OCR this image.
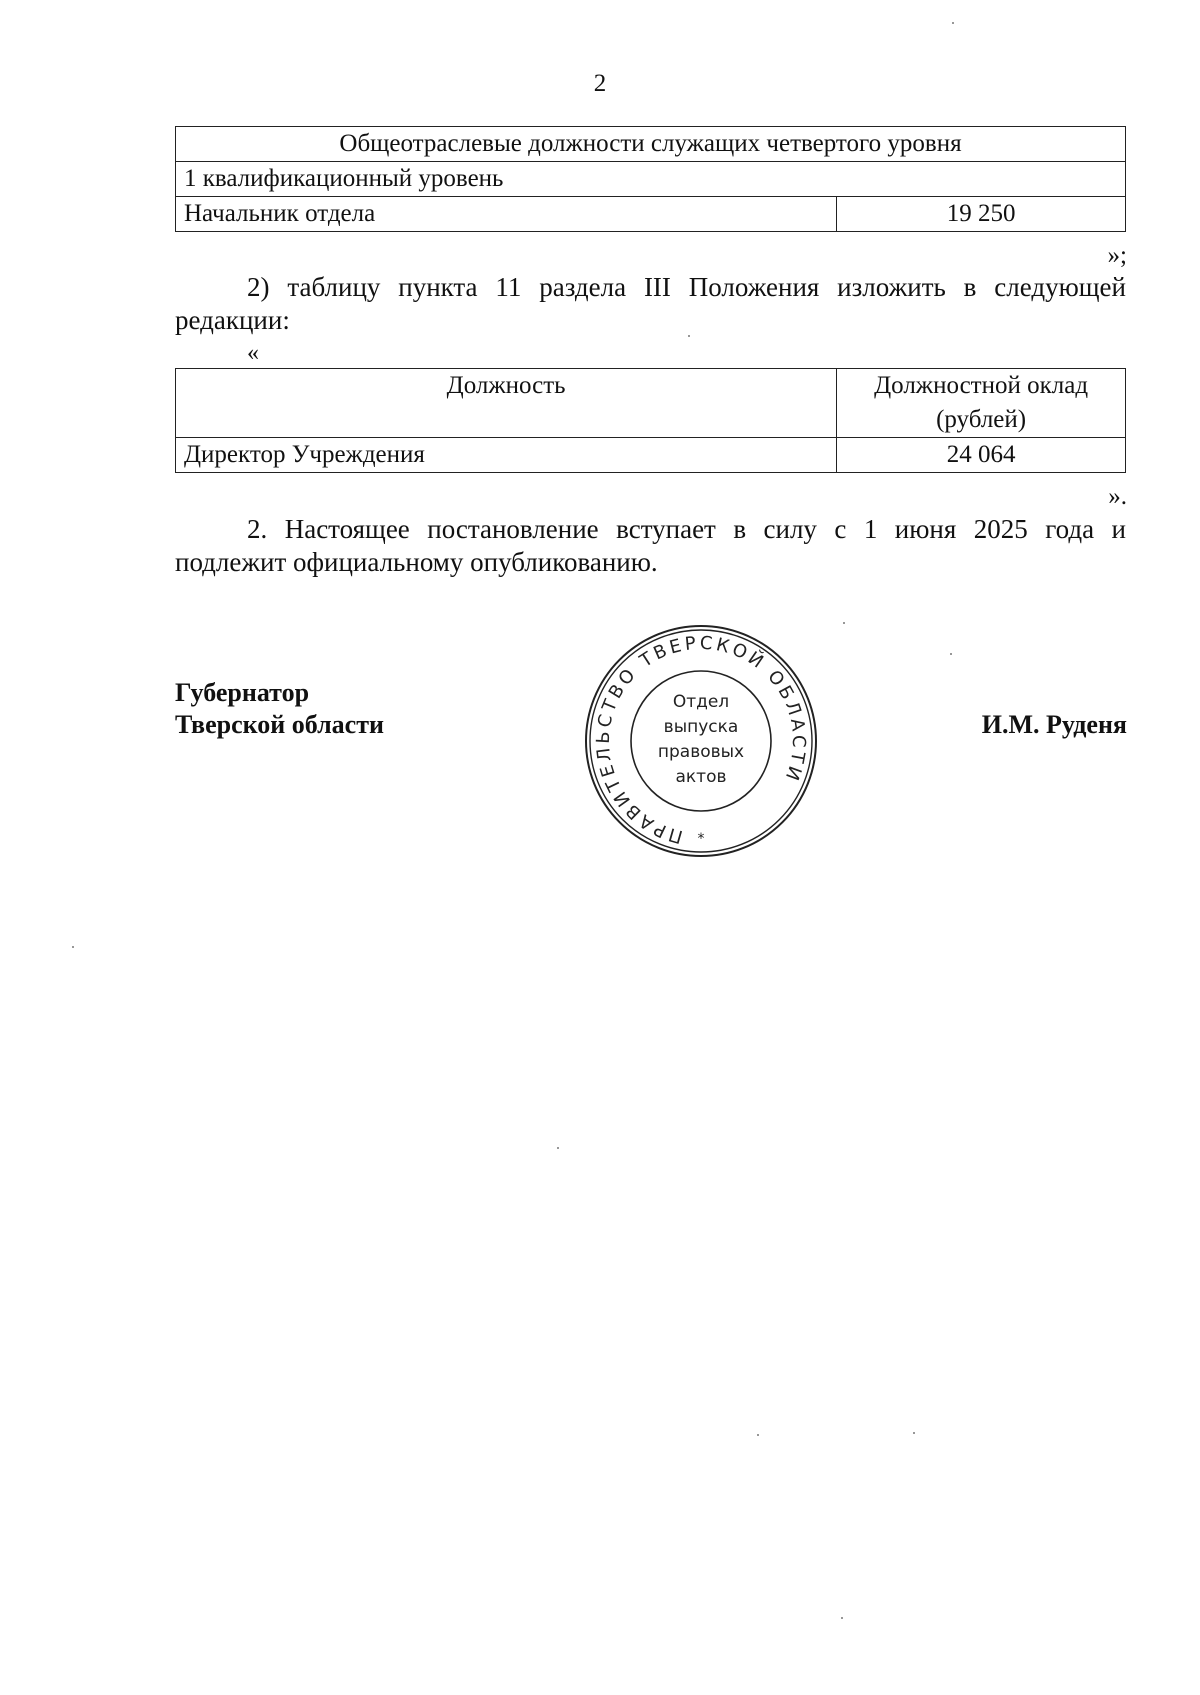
2
Общеотраслевые должности служащих четвертого уровня
1 квалификационный уровень
Начальник отдела	19 250
»;

2) таблицу пункта 11 раздела III Положения изложить в следующей редакции:

«
Должность	Должностной оклад
(рублей)
Директор Учреждения	24 064
».

2. Настоящее постановление вступает в силу с 1 июня 2025 года и подлежит официальному опубликованию.

Губернатор
Тверской области	И.М. Руденя
ПРАВИТЕЛЬСТВО ТВЕРСКОЙ ОБЛАСТИ
Отдел
выпуска
правовых
актов
*
